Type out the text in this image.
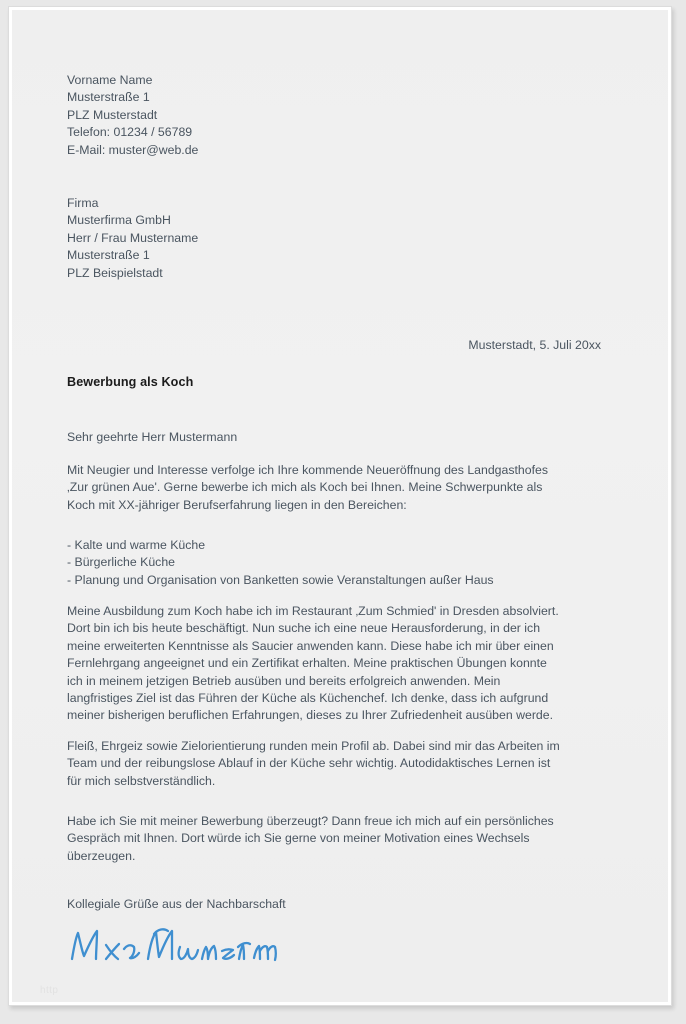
Vorname Name
Musterstraße 1
PLZ Musterstadt
Telefon: 01234 / 56789
E-Mail: muster@web.de
Firma
Musterfirma GmbH
Herr / Frau Mustername
Musterstraße 1
PLZ Beispielstadt
Musterstadt, 5. Juli 20xx
Bewerbung als Koch
Sehr geehrte Herr Mustermann
Mit Neugier und Interesse verfolge ich Ihre kommende Neueröffnung des Landgasthofes
‚Zur grünen Aue'. Gerne bewerbe ich mich als Koch bei Ihnen. Meine Schwerpunkte als
Koch mit XX-jähriger Berufserfahrung liegen in den Bereichen:
- Kalte und warme Küche
- Bürgerliche Küche
- Planung und Organisation von Banketten sowie Veranstaltungen außer Haus
Meine Ausbildung zum Koch habe ich im Restaurant ‚Zum Schmied' in Dresden absolviert.
Dort bin ich bis heute beschäftigt. Nun suche ich eine neue Herausforderung, in der ich
meine erweiterten Kenntnisse als Saucier anwenden kann. Diese habe ich mir über einen
Fernlehrgang angeeignet und ein Zertifikat erhalten. Meine praktischen Übungen konnte
ich in meinem jetzigen Betrieb ausüben und bereits erfolgreich anwenden. Mein
langfristiges Ziel ist das Führen der Küche als Küchenchef. Ich denke, dass ich aufgrund
meiner bisherigen beruflichen Erfahrungen, dieses zu Ihrer Zufriedenheit ausüben werde.
Fleiß, Ehrgeiz sowie Zielorientierung runden mein Profil ab. Dabei sind mir das Arbeiten im
Team und der reibungslose Ablauf in der Küche sehr wichtig. Autodidaktisches Lernen ist
für mich selbstverständlich.
Habe ich Sie mit meiner Bewerbung überzeugt? Dann freue ich mich auf ein persönliches
Gespräch mit Ihnen. Dort würde ich Sie gerne von meiner Motivation eines Wechsels
überzeugen.
Kollegiale Grüße aus der Nachbarschaft
http
